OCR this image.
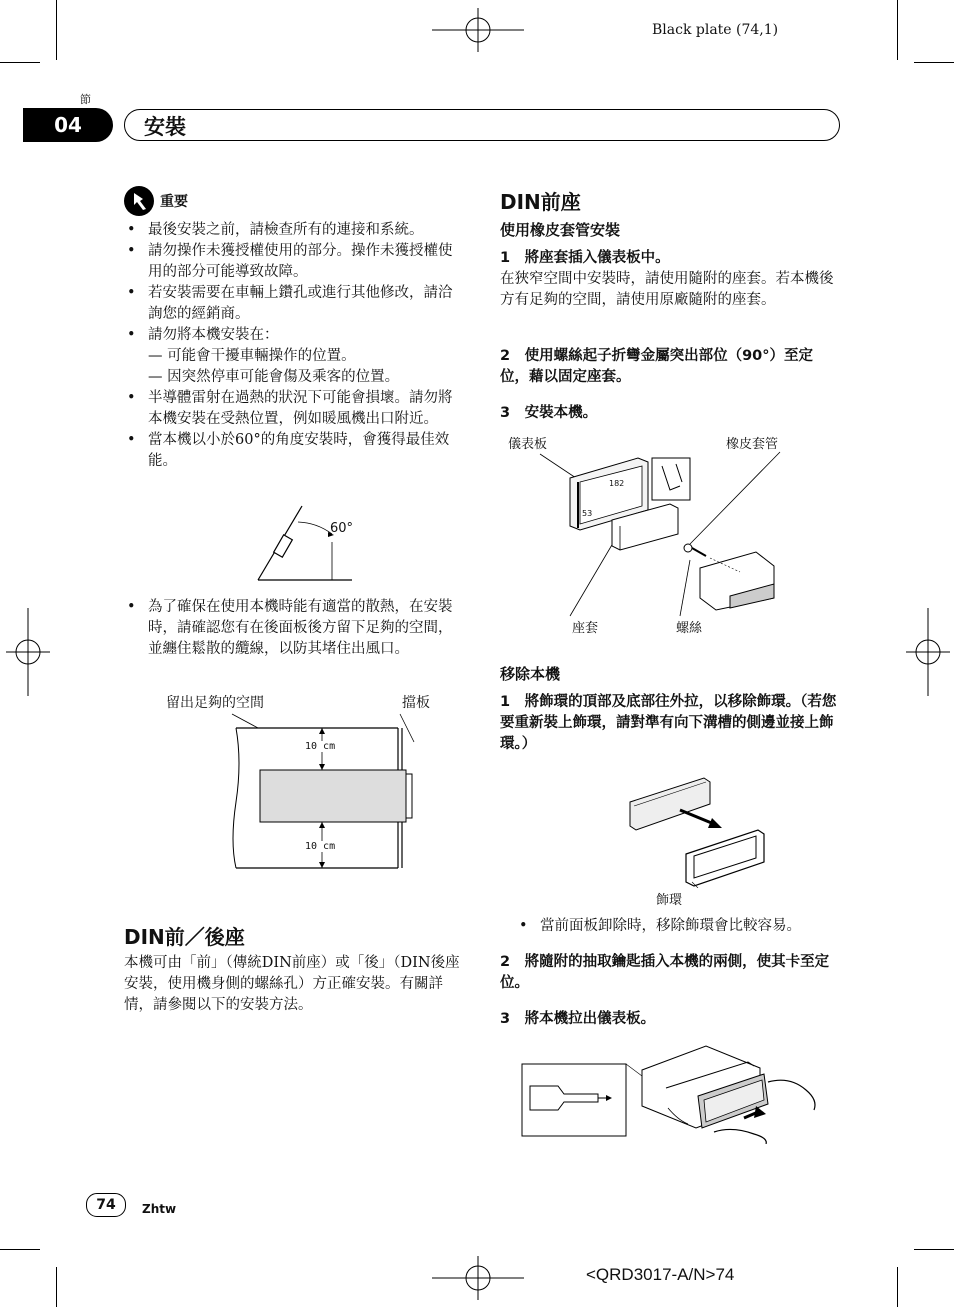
Black plate (74,1)
節
04	安裝
重要
• 最後安裝之前，請檢查所有的連接和系統。
• 請勿操作未獲授權使用的部分。操作未獲授權使用的部分可能導致故障。
• 若安裝需要在車輛上鑽孔或進行其他修改，請洽詢您的經銷商。
• 請勿將本機安裝在：
— 可能會干擾車輛操作的位置。
— 因突然停車可能會傷及乘客的位置。
• 半導體雷射在過熱的狀況下可能會損壞。請勿將本機安裝在受熱位置，例如暖風機出口附近。
• 當本機以小於60°的角度安裝時，會獲得最佳效能。
60°
• 為了確保在使用本機時能有適當的散熱，在安裝時，請確認您有在後面板後方留下足夠的空間，並纏住鬆散的纜線，以防其堵住出風口。
留出足夠的空間	擋板
10 cm
10 cm
DIN前／後座
本機可由「前」（傳統DIN前座）或「後」（DIN後座安裝，使用機身側的螺絲孔）方正確安裝。有關詳情，請參閱以下的安裝方法。
DIN前座
使用橡皮套管安裝
1　將座套插入儀表板中。
在狹窄空間中安裝時，請使用隨附的座套。若本機後方有足夠的空間，請使用原廠隨附的座套。
2　使用螺絲起子折彎金屬突出部位（90°）至定位，藉以固定座套。
3　安裝本機。
儀表板	橡皮套管
座套	螺絲
182
53
移除本機
1　將飾環的頂部及底部往外拉，以移除飾環。（若您要重新裝上飾環，請對準有向下溝槽的側邊並接上飾環。）
飾環
• 當前面板卸除時，移除飾環會比較容易。
2　將隨附的抽取鑰匙插入本機的兩側，使其卡至定位。
3　將本機拉出儀表板。
74	Zhtw
<QRD3017-A/N>74
